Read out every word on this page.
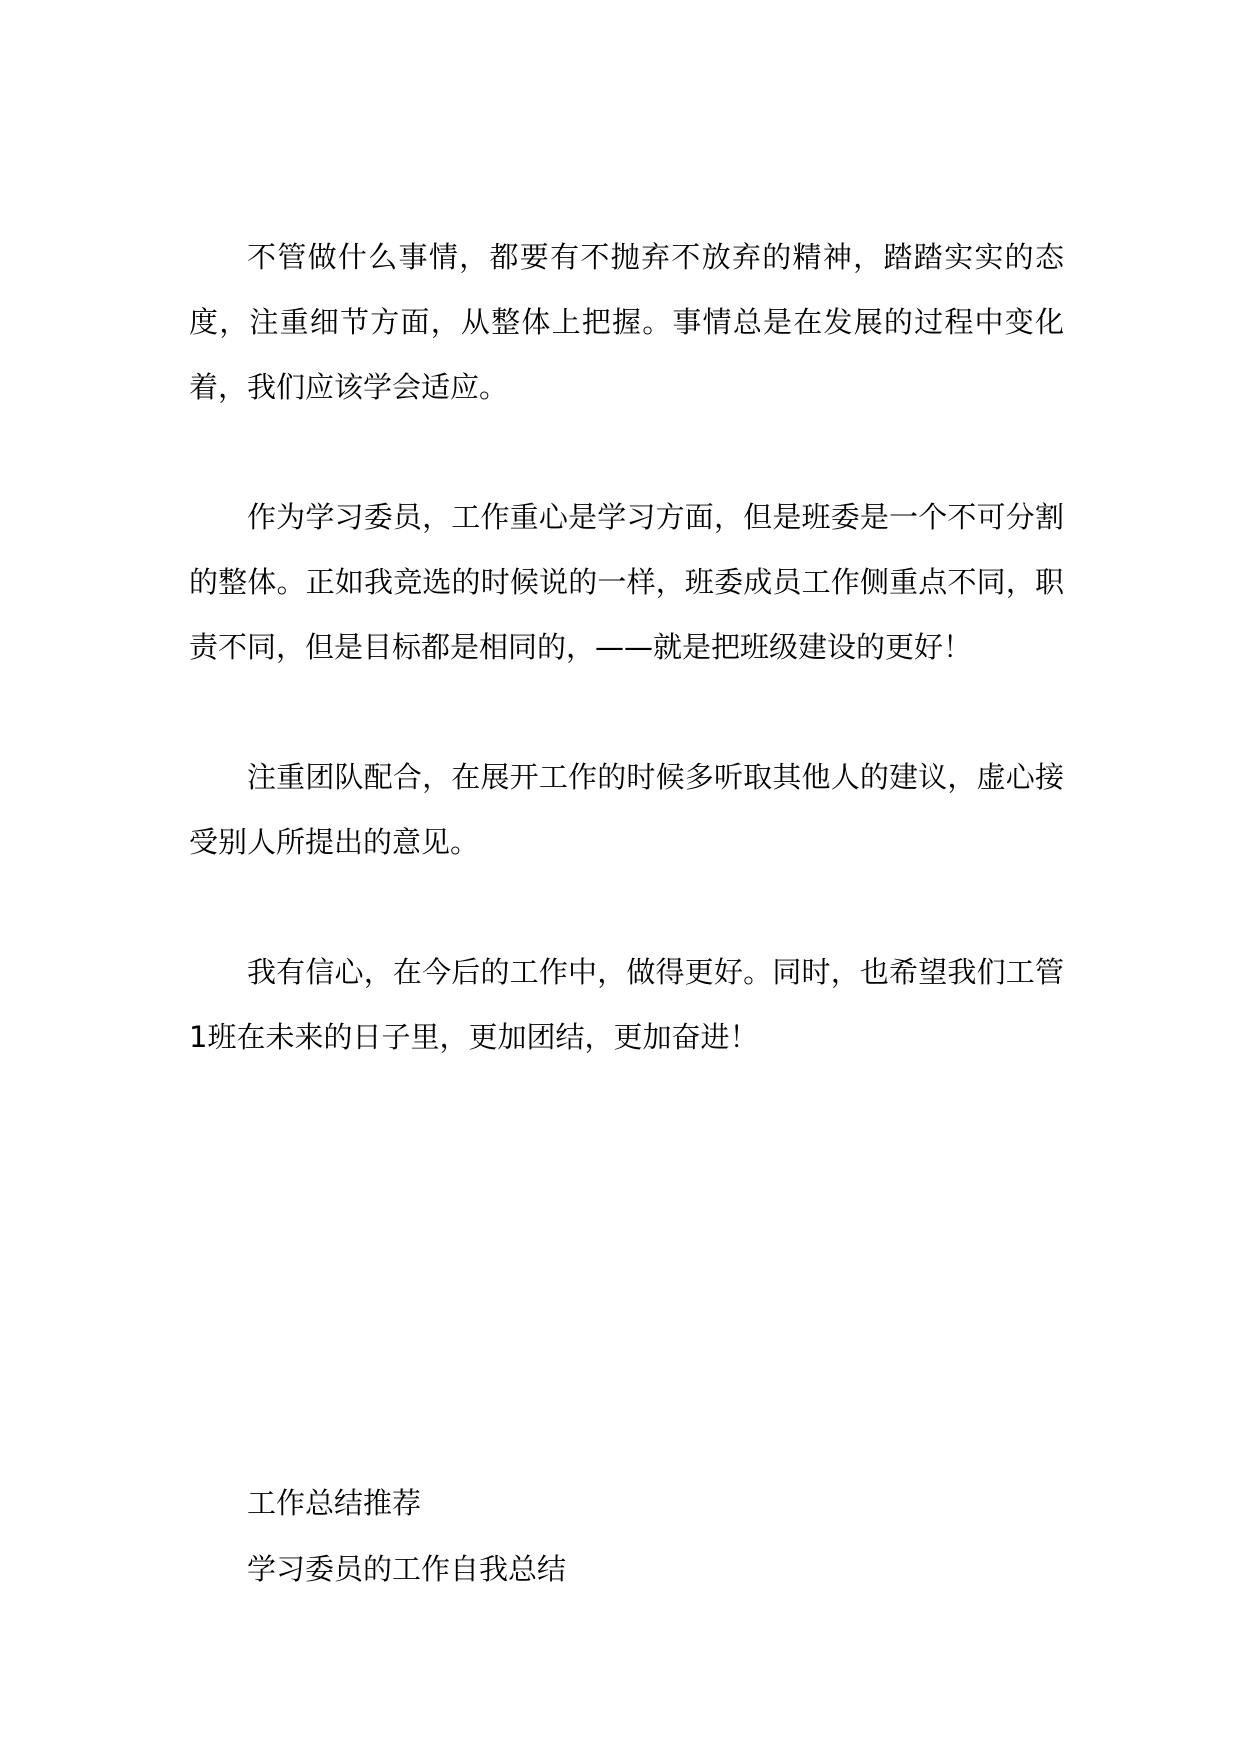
不管做什么事情，都要有不抛弃不放弃的精神，踏踏实实的态度，注重细节方面，从整体上把握。事情总是在发展的过程中变化着，我们应该学会适应。

作为学习委员，工作重心是学习方面，但是班委是一个不可分割的整体。正如我竞选的时候说的一样，班委成员工作侧重点不同，职责不同，但是目标都是相同的，——就是把班级建设的更好！

注重团队配合，在展开工作的时候多听取其他人的建议，虚心接受别人所提出的意见。

我有信心，在今后的工作中，做得更好。同时，也希望我们工管1班在未来的日子里，更加团结，更加奋进！

工作总结推荐

学习委员的工作自我总结
